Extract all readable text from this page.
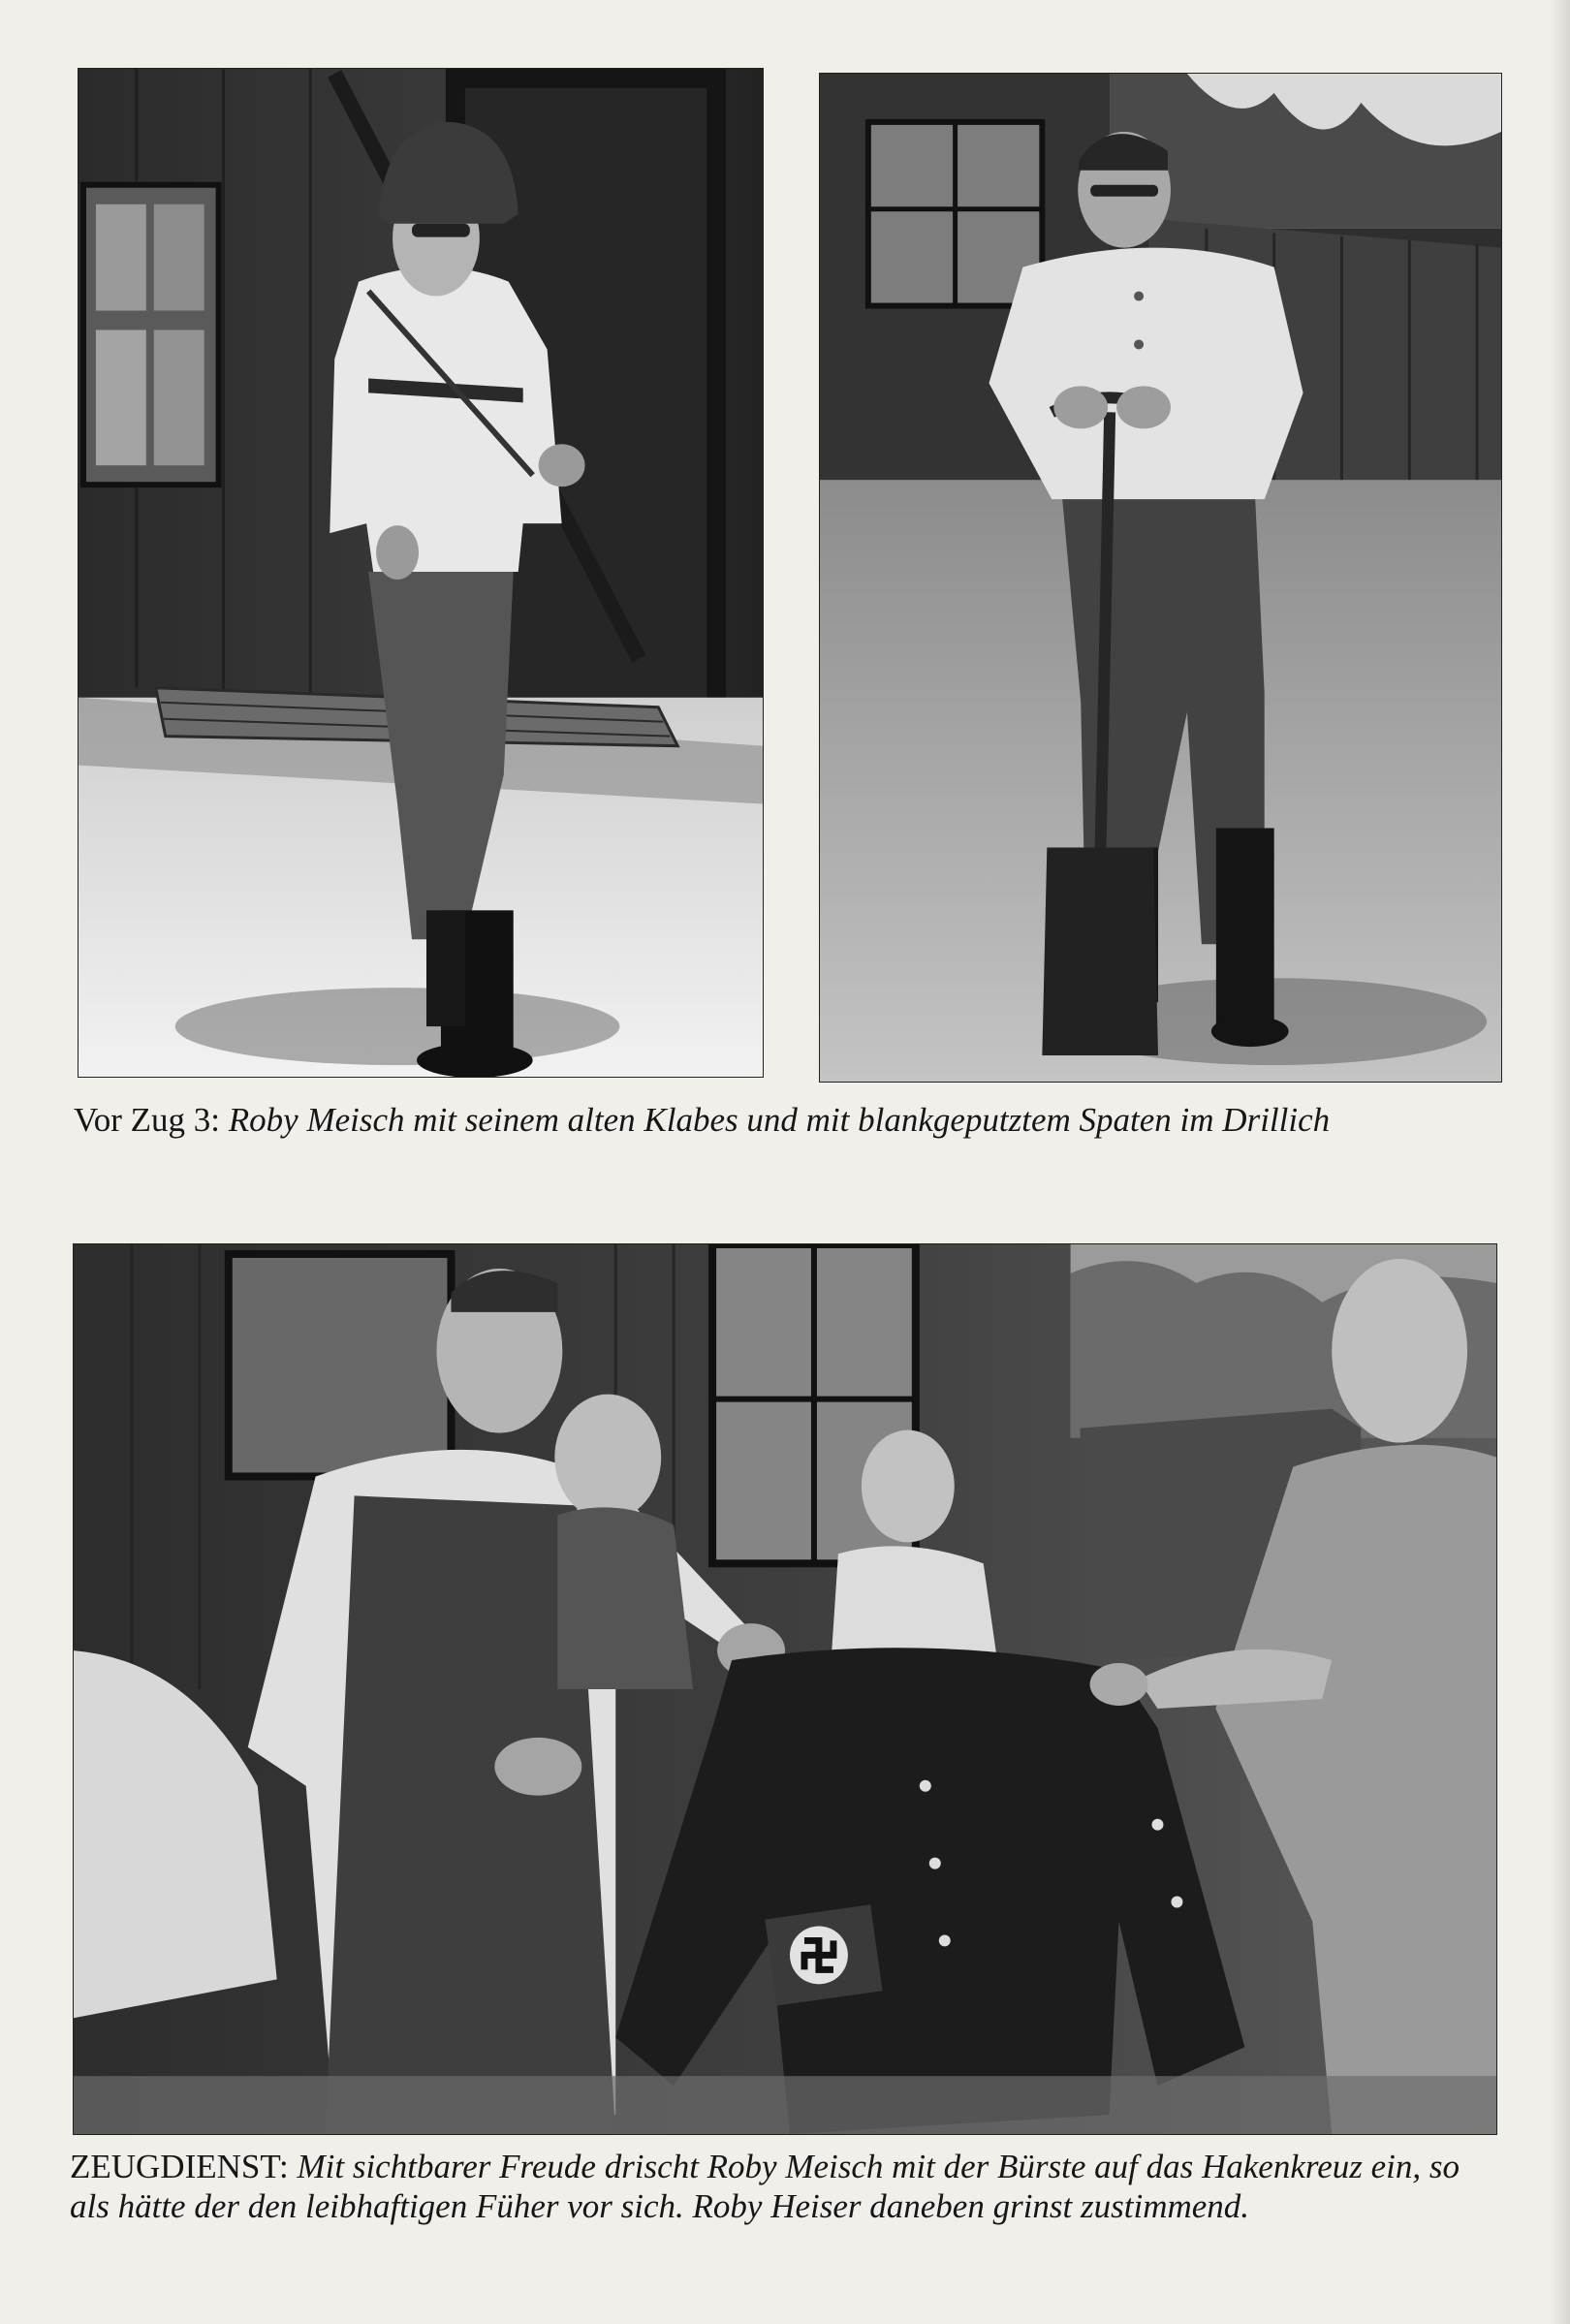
Vor Zug 3: Roby Meisch mit seinem alten Klabes und mit blankgeputztem Spaten im Drillich
ZEUGDIENST: Mit sichtbarer Freude drischt Roby Meisch mit der Bürste auf das Hakenkreuz ein, so als hätte der den leibhaftigen Füher vor sich. Roby Heiser daneben grinst zustimmend.
